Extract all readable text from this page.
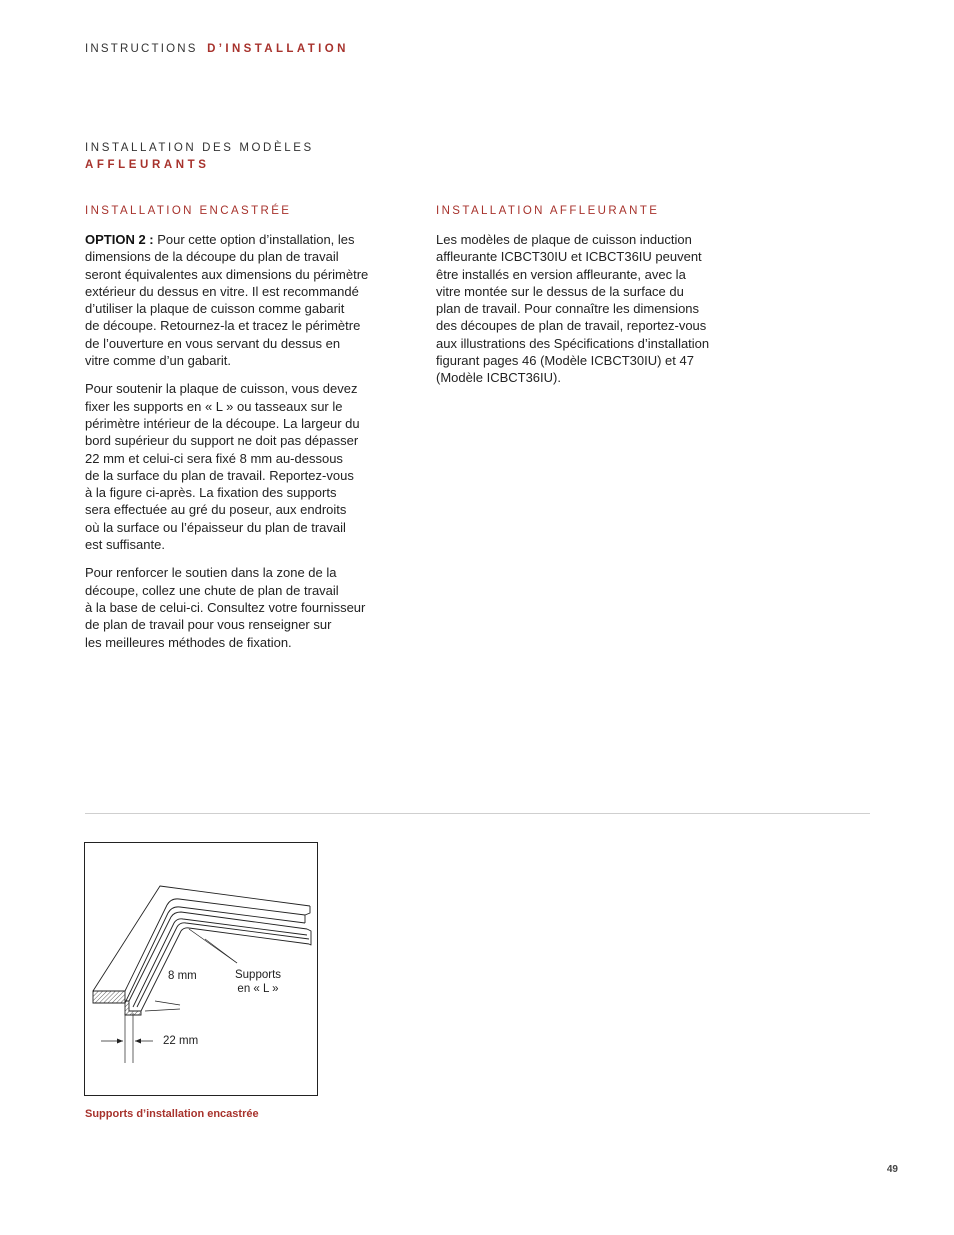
INSTRUCTIONS D’INSTALLATION
INSTALLATION DES MODÈLES
AFFLEURANTS
INSTALLATION ENCASTRÉE

OPTION 2 : Pour cette option d’installation, les
dimensions de la découpe du plan de travail
seront équivalentes aux dimensions du périmètre
extérieur du dessus en vitre. Il est recommandé
d’utiliser la plaque de cuisson comme gabarit
de découpe. Retournez-la et tracez le périmètre
de l’ouverture en vous servant du dessus en
vitre comme d’un gabarit.

Pour soutenir la plaque de cuisson, vous devez
fixer les supports en « L » ou tasseaux sur le
périmètre intérieur de la découpe. La largeur du
bord supérieur du support ne doit pas dépasser
22 mm et celui-ci sera fixé 8 mm au-dessous
de la surface du plan de travail. Reportez-vous
à la figure ci-après. La fixation des supports
sera effectuée au gré du poseur, aux endroits
où la surface ou l’épaisseur du plan de travail
est suffisante.

Pour renforcer le soutien dans la zone de la
découpe, collez une chute de plan de travail
à la base de celui-ci. Consultez votre fournisseur
de plan de travail pour vous renseigner sur
les meilleures méthodes de fixation.

INSTALLATION AFFLEURANTE

Les modèles de plaque de cuisson induction
affleurante ICBCT30IU et ICBCT36IU peuvent
être installés en version affleurante, avec la
vitre montée sur le dessus de la surface du
plan de travail. Pour connaître les dimensions
des découpes de plan de travail, reportez-vous
aux illustrations des Spécifications d’installation
figurant pages 46 (Modèle ICBCT30IU) et 47
(Modèle ICBCT36IU).

8 mm	Supports
en « L »
22 mm
Supports d’installation encastrée
49
